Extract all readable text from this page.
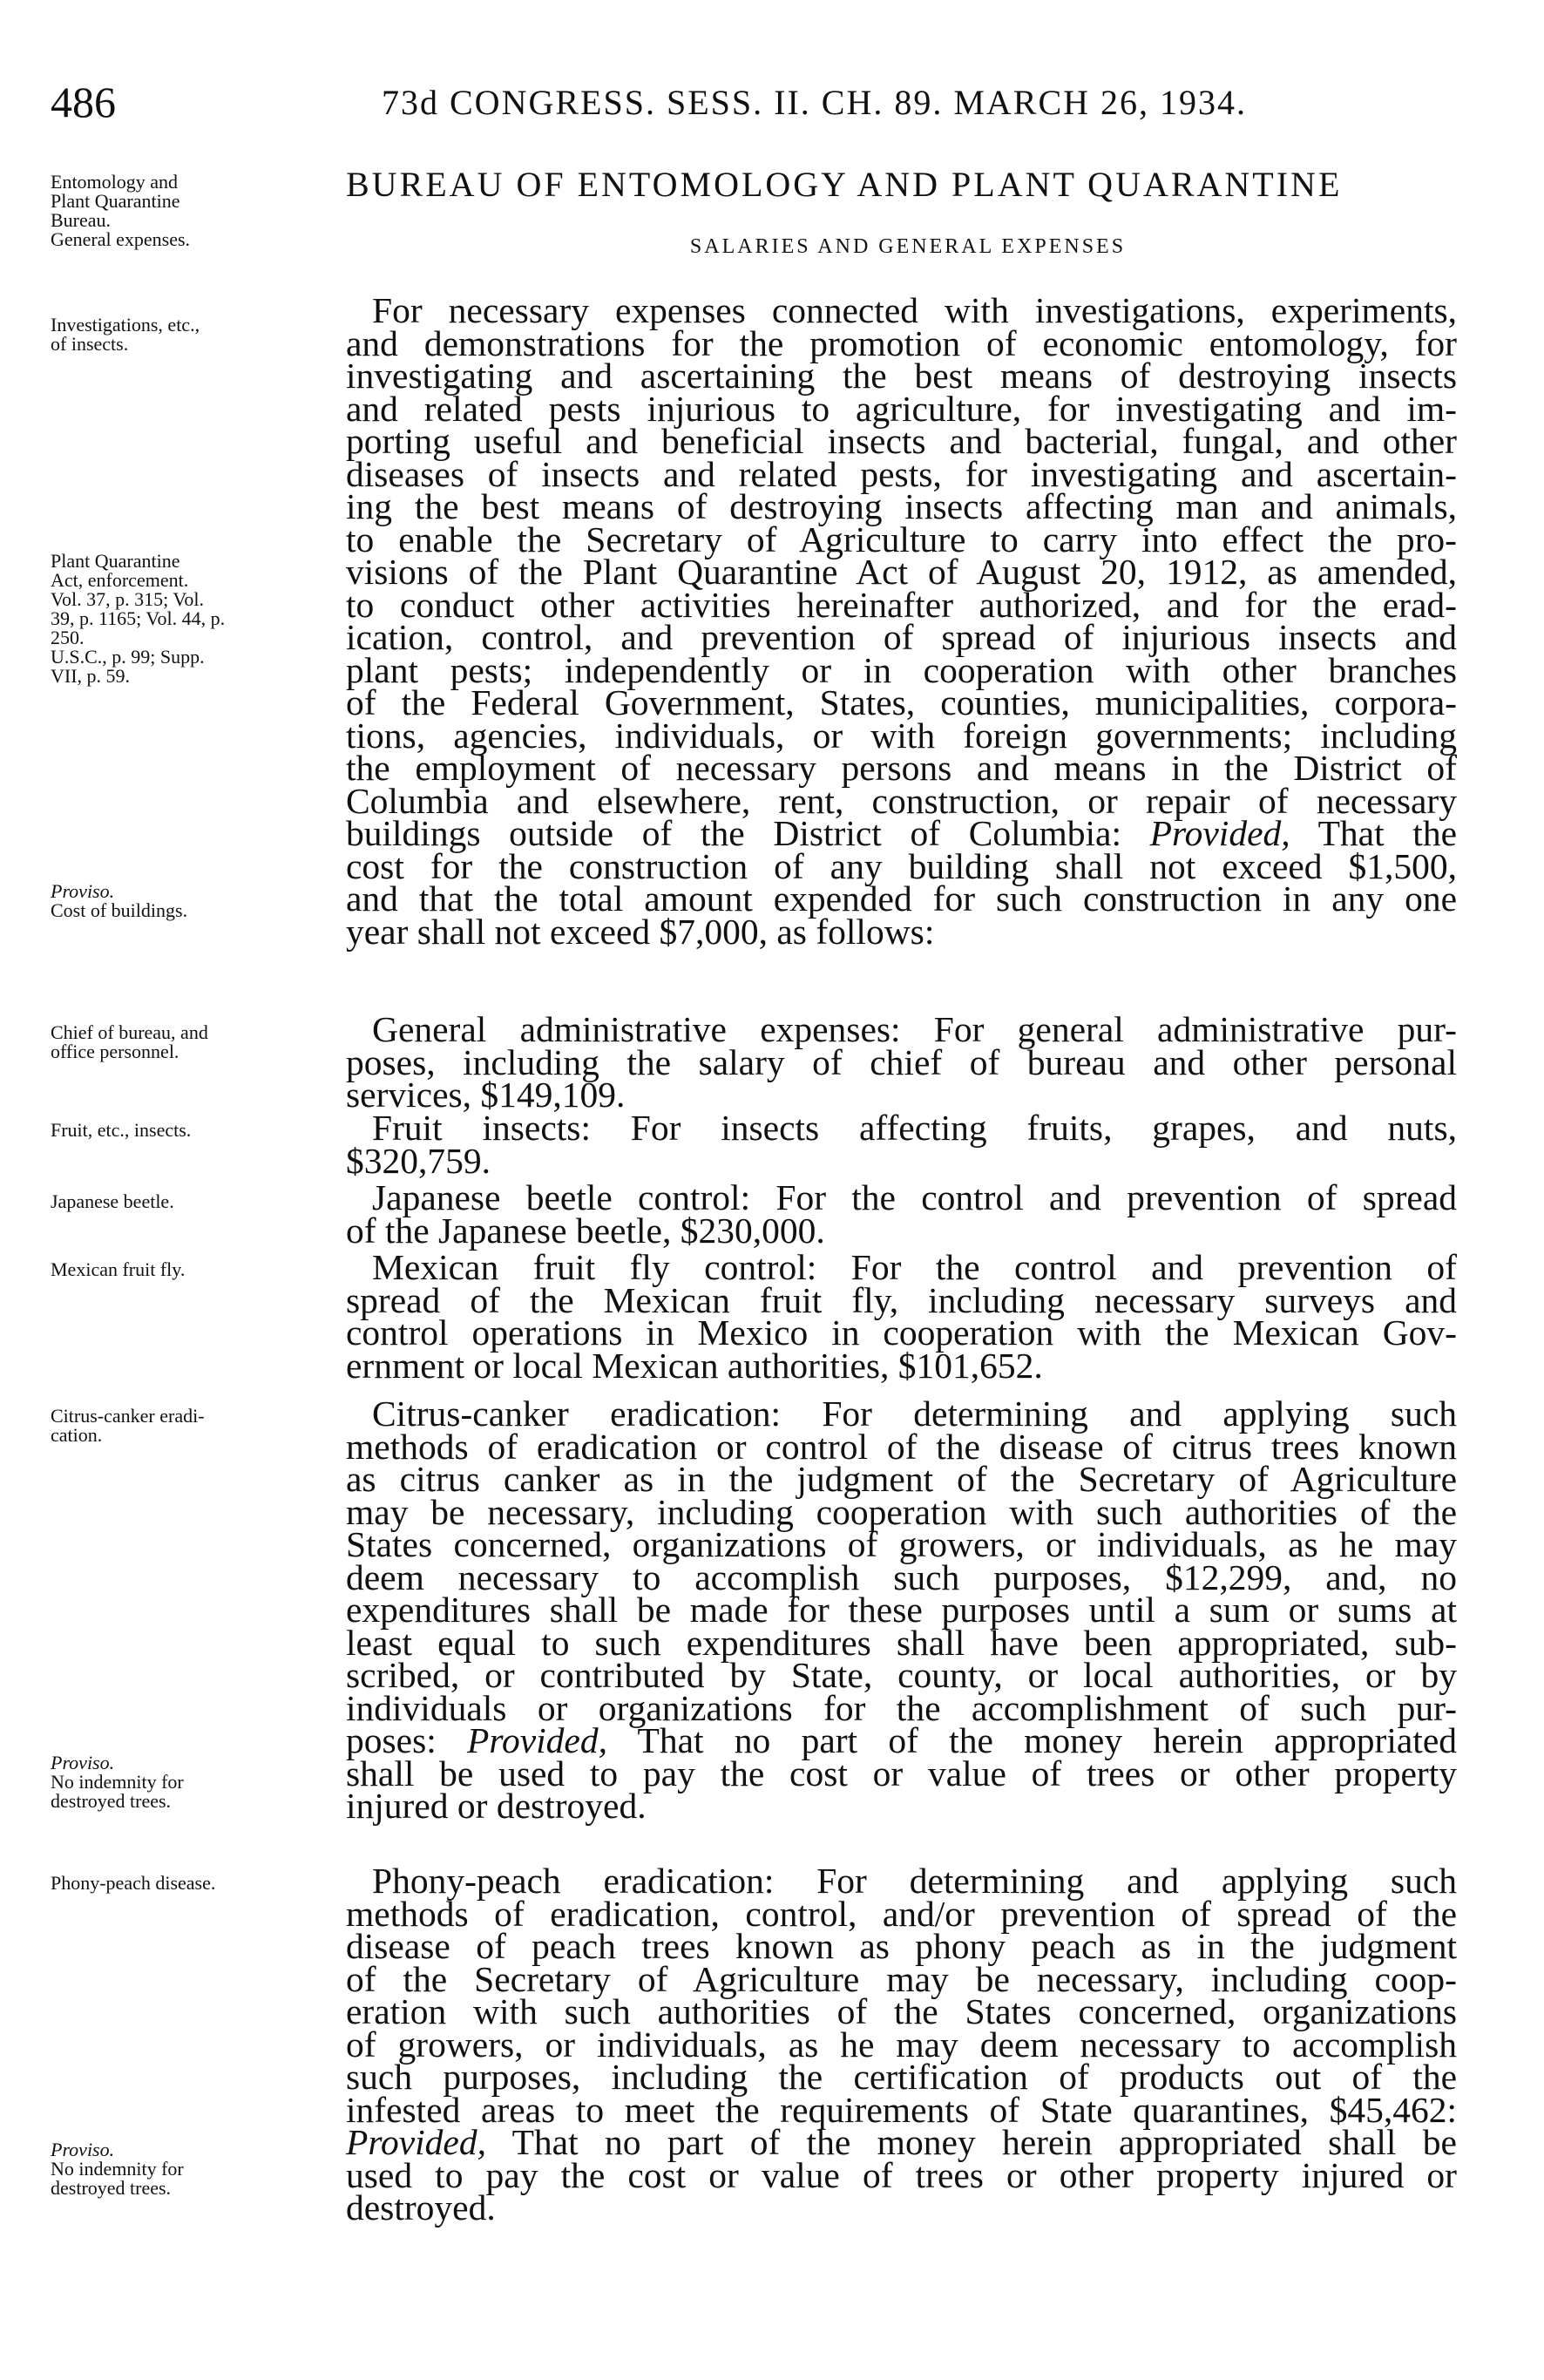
486	73d CONGRESS. SESS. II. CH. 89. MARCH 26, 1934.
BUREAU OF ENTOMOLOGY AND PLANT QUARANTINE
SALARIES AND GENERAL EXPENSES
Entomology and
Plant Quarantine
Bureau.
General expenses.
Investigations, etc.,
of insects.
Plant Quarantine
Act, enforcement.
Vol. 37, p. 315; Vol.
39, p. 1165; Vol. 44, p.
250.
U.S.C., p. 99; Supp.
VII, p. 59.
Proviso.
Cost of buildings.
Chief of bureau, and
office personnel.
Fruit, etc., insects.
Japanese beetle.
Mexican fruit fly.
Citrus-canker eradi-
cation.
Proviso.
No indemnity for
destroyed trees.
Phony-peach disease.
Proviso.
No indemnity for
destroyed trees.
For necessary expenses connected with investigations, experiments,
and demonstrations for the promotion of economic entomology, for
investigating and ascertaining the best means of destroying insects
and related pests injurious to agriculture, for investigating and im-
porting useful and beneficial insects and bacterial, fungal, and other
diseases of insects and related pests, for investigating and ascertain-
ing the best means of destroying insects affecting man and animals,
to enable the Secretary of Agriculture to carry into effect the pro-
visions of the Plant Quarantine Act of August 20, 1912, as amended,
to conduct other activities hereinafter authorized, and for the erad-
ication, control, and prevention of spread of injurious insects and
plant pests; independently or in cooperation with other branches
of the Federal Government, States, counties, municipalities, corpora-
tions, agencies, individuals, or with foreign governments; including
the employment of necessary persons and means in the District of
Columbia and elsewhere, rent, construction, or repair of necessary
buildings outside of the District of Columbia: Provided, That the
cost for the construction of any building shall not exceed $1,500,
and that the total amount expended for such construction in any one
year shall not exceed $7,000, as follows:
General administrative expenses: For general administrative pur-
poses, including the salary of chief of bureau and other personal
services, $149,109.
Fruit insects: For insects affecting fruits, grapes, and nuts,
$320,759.
Japanese beetle control: For the control and prevention of spread
of the Japanese beetle, $230,000.
Mexican fruit fly control: For the control and prevention of
spread of the Mexican fruit fly, including necessary surveys and
control operations in Mexico in cooperation with the Mexican Gov-
ernment or local Mexican authorities, $101,652.
Citrus-canker eradication: For determining and applying such
methods of eradication or control of the disease of citrus trees known
as citrus canker as in the judgment of the Secretary of Agriculture
may be necessary, including cooperation with such authorities of the
States concerned, organizations of growers, or individuals, as he may
deem necessary to accomplish such purposes, $12,299, and, no
expenditures shall be made for these purposes until a sum or sums at
least equal to such expenditures shall have been appropriated, sub-
scribed, or contributed by State, county, or local authorities, or by
individuals or organizations for the accomplishment of such pur-
poses: Provided, That no part of the money herein appropriated
shall be used to pay the cost or value of trees or other property
injured or destroyed.
Phony-peach eradication: For determining and applying such
methods of eradication, control, and/or prevention of spread of the
disease of peach trees known as phony peach as in the judgment
of the Secretary of Agriculture may be necessary, including coop-
eration with such authorities of the States concerned, organizations
of growers, or individuals, as he may deem necessary to accomplish
such purposes, including the certification of products out of the
infested areas to meet the requirements of State quarantines, $45,462:
Provided, That no part of the money herein appropriated shall be
used to pay the cost or value of trees or other property injured or
destroyed.
